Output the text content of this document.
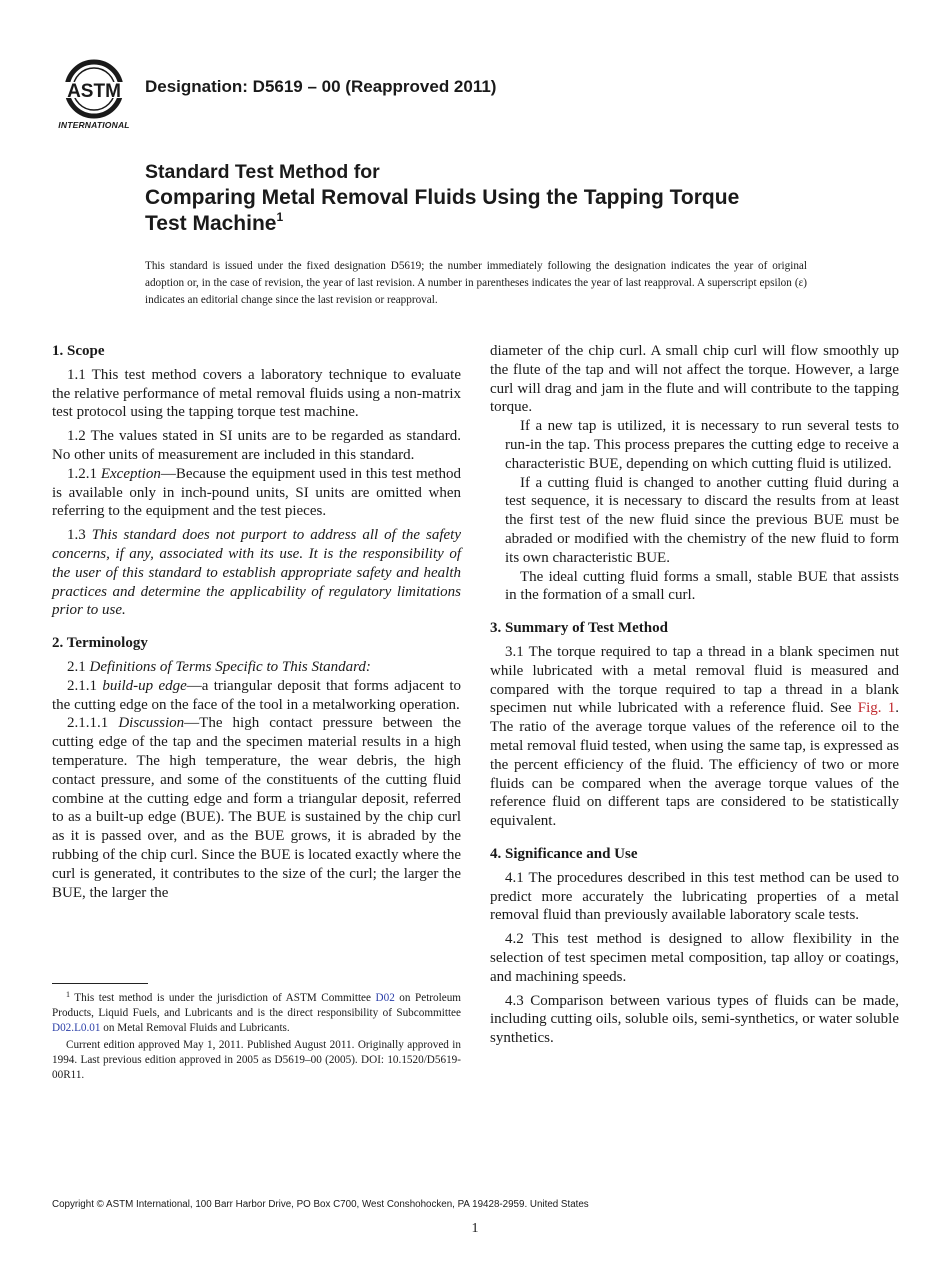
ASTM
INTERNATIONAL
Designation: D5619 – 00 (Reapproved 2011)
Standard Test Method for
Comparing Metal Removal Fluids Using the Tapping Torque
Test Machine$^1$
This standard is issued under the fixed designation D5619; the number immediately following the designation indicates the year of original adoption or, in the case of revision, the year of last revision. A number in parentheses indicates the year of last reapproval. A superscript epsilon (ε) indicates an editorial change since the last revision or reapproval.
1. Scope

1.1 This test method covers a laboratory technique to evaluate the relative performance of metal removal fluids using a non-matrix test protocol using the tapping torque test machine.

1.2 The values stated in SI units are to be regarded as standard. No other units of measurement are included in this standard.

1.2.1 Exception—Because the equipment used in this test method is available only in inch-pound units, SI units are omitted when referring to the equipment and the test pieces.

1.3 This standard does not purport to address all of the safety concerns, if any, associated with its use. It is the responsibility of the user of this standard to establish appropriate safety and health practices and determine the applicability of regulatory limitations prior to use.

2. Terminology

2.1 Definitions of Terms Specific to This Standard:

2.1.1 build-up edge—a triangular deposit that forms adjacent to the cutting edge on the face of the tool in a metalworking operation.

2.1.1.1 Discussion—The high contact pressure between the cutting edge of the tap and the specimen material results in a high temperature. The high temperature, the wear debris, the high contact pressure, and some of the constituents of the cutting fluid combine at the cutting edge and form a triangular deposit, referred to as a built-up edge (BUE). The BUE is sustained by the chip curl as it is passed over, and as the BUE grows, it is abraded by the rubbing of the chip curl. Since the BUE is located exactly where the curl is generated, it contributes to the size of the curl; the larger the BUE, the larger the

$^1$ This test method is under the jurisdiction of ASTM Committee D02 on Petroleum Products, Liquid Fuels, and Lubricants and is the direct responsibility of Subcommittee D02.L0.01 on Metal Removal Fluids and Lubricants.

Current edition approved May 1, 2011. Published August 2011. Originally approved in 1994. Last previous edition approved in 2005 as D5619–00 (2005). DOI: 10.1520/D5619-00R11.

diameter of the chip curl. A small chip curl will flow smoothly up the flute of the tap and will not affect the torque. However, a large curl will drag and jam in the flute and will contribute to the tapping torque.

If a new tap is utilized, it is necessary to run several tests to run-in the tap. This process prepares the cutting edge to receive a characteristic BUE, depending on which cutting fluid is utilized.

If a cutting fluid is changed to another cutting fluid during a test sequence, it is necessary to discard the results from at least the first test of the new fluid since the previous BUE must be abraded or modified with the chemistry of the new fluid to form its own characteristic BUE.

The ideal cutting fluid forms a small, stable BUE that assists in the formation of a small curl.

3. Summary of Test Method

3.1 The torque required to tap a thread in a blank specimen nut while lubricated with a metal removal fluid is measured and compared with the torque required to tap a thread in a blank specimen nut while lubricated with a reference fluid. See Fig. 1. The ratio of the average torque values of the reference oil to the metal removal fluid tested, when using the same tap, is expressed as the percent efficiency of the fluid. The efficiency of two or more fluids can be compared when the average torque values of the reference fluid on different taps are considered to be statistically equivalent.

4. Significance and Use

4.1 The procedures described in this test method can be used to predict more accurately the lubricating properties of a metal removal fluid than previously available laboratory scale tests.

4.2 This test method is designed to allow flexibility in the selection of test specimen metal composition, tap alloy or coatings, and machining speeds.

4.3 Comparison between various types of fluids can be made, including cutting oils, soluble oils, semi-synthetics, or water soluble synthetics.

Copyright © ASTM International, 100 Barr Harbor Drive, PO Box C700, West Conshohocken, PA 19428-2959. United States
1
